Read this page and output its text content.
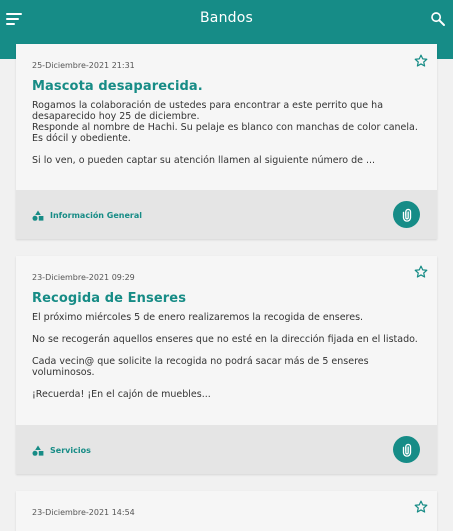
Bandos
25-Diciembre-2021 21:31
Mascota desaparecida.

Rogamos la colaboración de ustedes para encontrar a este perrito que ha desaparecido hoy 25 de diciembre.
Responde al nombre de Hachi. Su pelaje es blanco con manchas de color canela. Es dócil y obediente.

Si lo ven, o pueden captar su atención llamen al siguiente número de ...

Información General
23-Diciembre-2021 09:29
Recogida de Enseres

El próximo miércoles 5 de enero realizaremos la recogida de enseres.

No se recogerán aquellos enseres que no esté en la dirección fijada en el listado.

Cada vecin@ que solicite la recogida no podrá sacar más de 5 enseres voluminosos.

¡Recuerda! ¡En el cajón de muebles...

Servicios
23-Diciembre-2021 14:54
